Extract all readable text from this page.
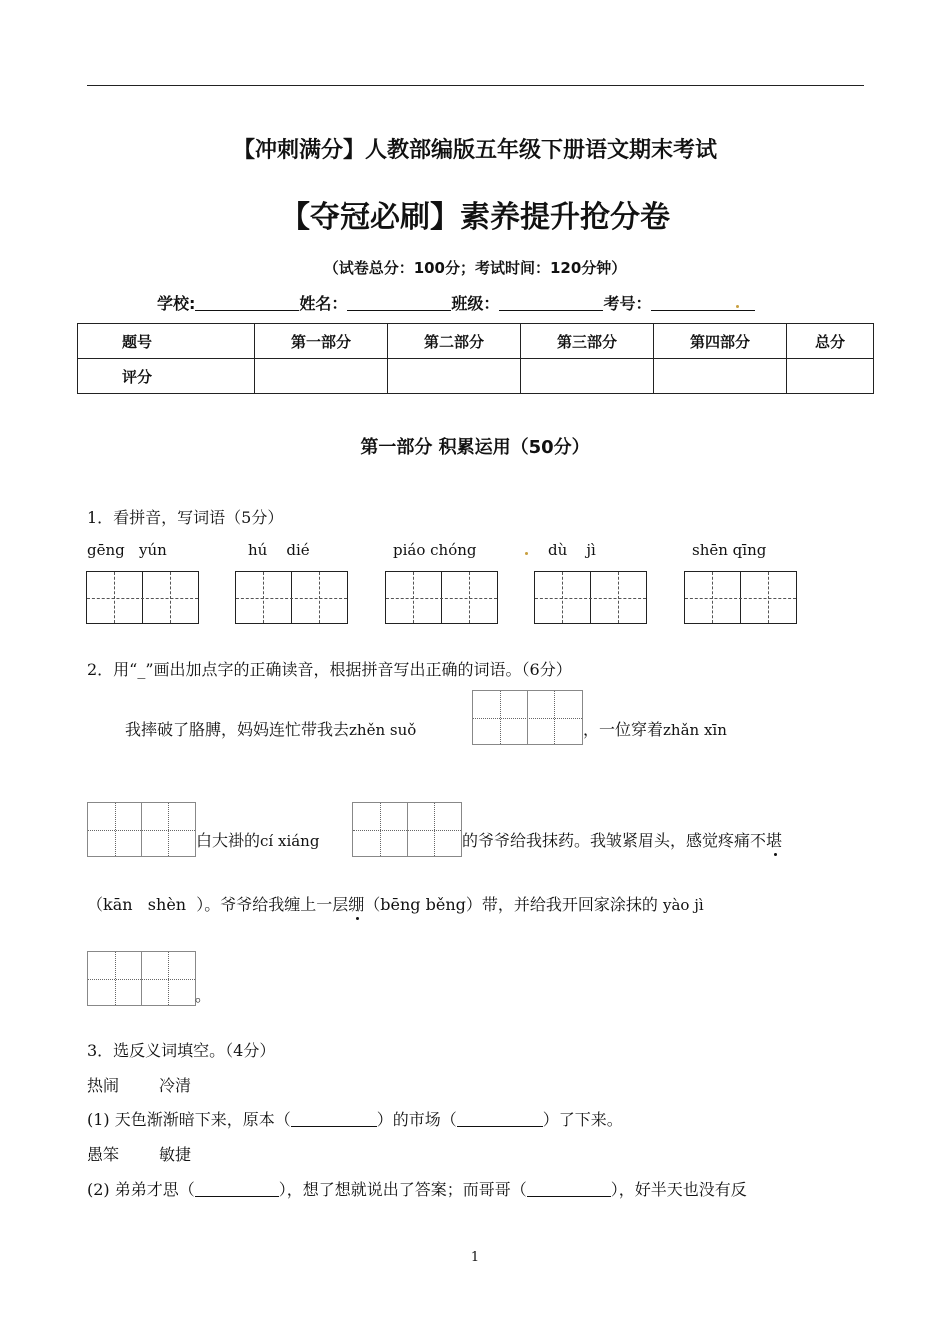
【冲刺满分】人教部编版五年级下册语文期末考试
【夺冠必刷】素养提升抢分卷
（试卷总分：100分；考试时间：120分钟）
学校:	姓名：	班级：	考号：
题号	第一部分	第二部分	第三部分	第四部分	总分
评分					
第一部分 积累运用（50分）
1．看拼音，写词语（5分）
gēng   yún	hú    dié	piáo chóng	dù    jì	shēn qīng
2．用“_”画出加点字的正确读音，根据拼音写出正确的词语。（6分）
我摔破了胳膊，妈妈连忙带我去zhěn suǒ	，一位穿着zhǎn xīn
白大褂的cí xiáng	的爷爷给我抹药。我皱紧眉头，感觉疼痛不堪
（kān   shèn  ）。爷爷给我缠上一层绷（bēng běng）带，并给我开回家涂抹的 yào jì
。
3．选反义词填空。（4分）
热闹	冷清
(1) 天色渐渐暗下来，原本（	）的市场（	）了下来。
愚笨	敏捷
(2) 弟弟才思（	），想了想就说出了答案；而哥哥（	），好半天也没有反
1
